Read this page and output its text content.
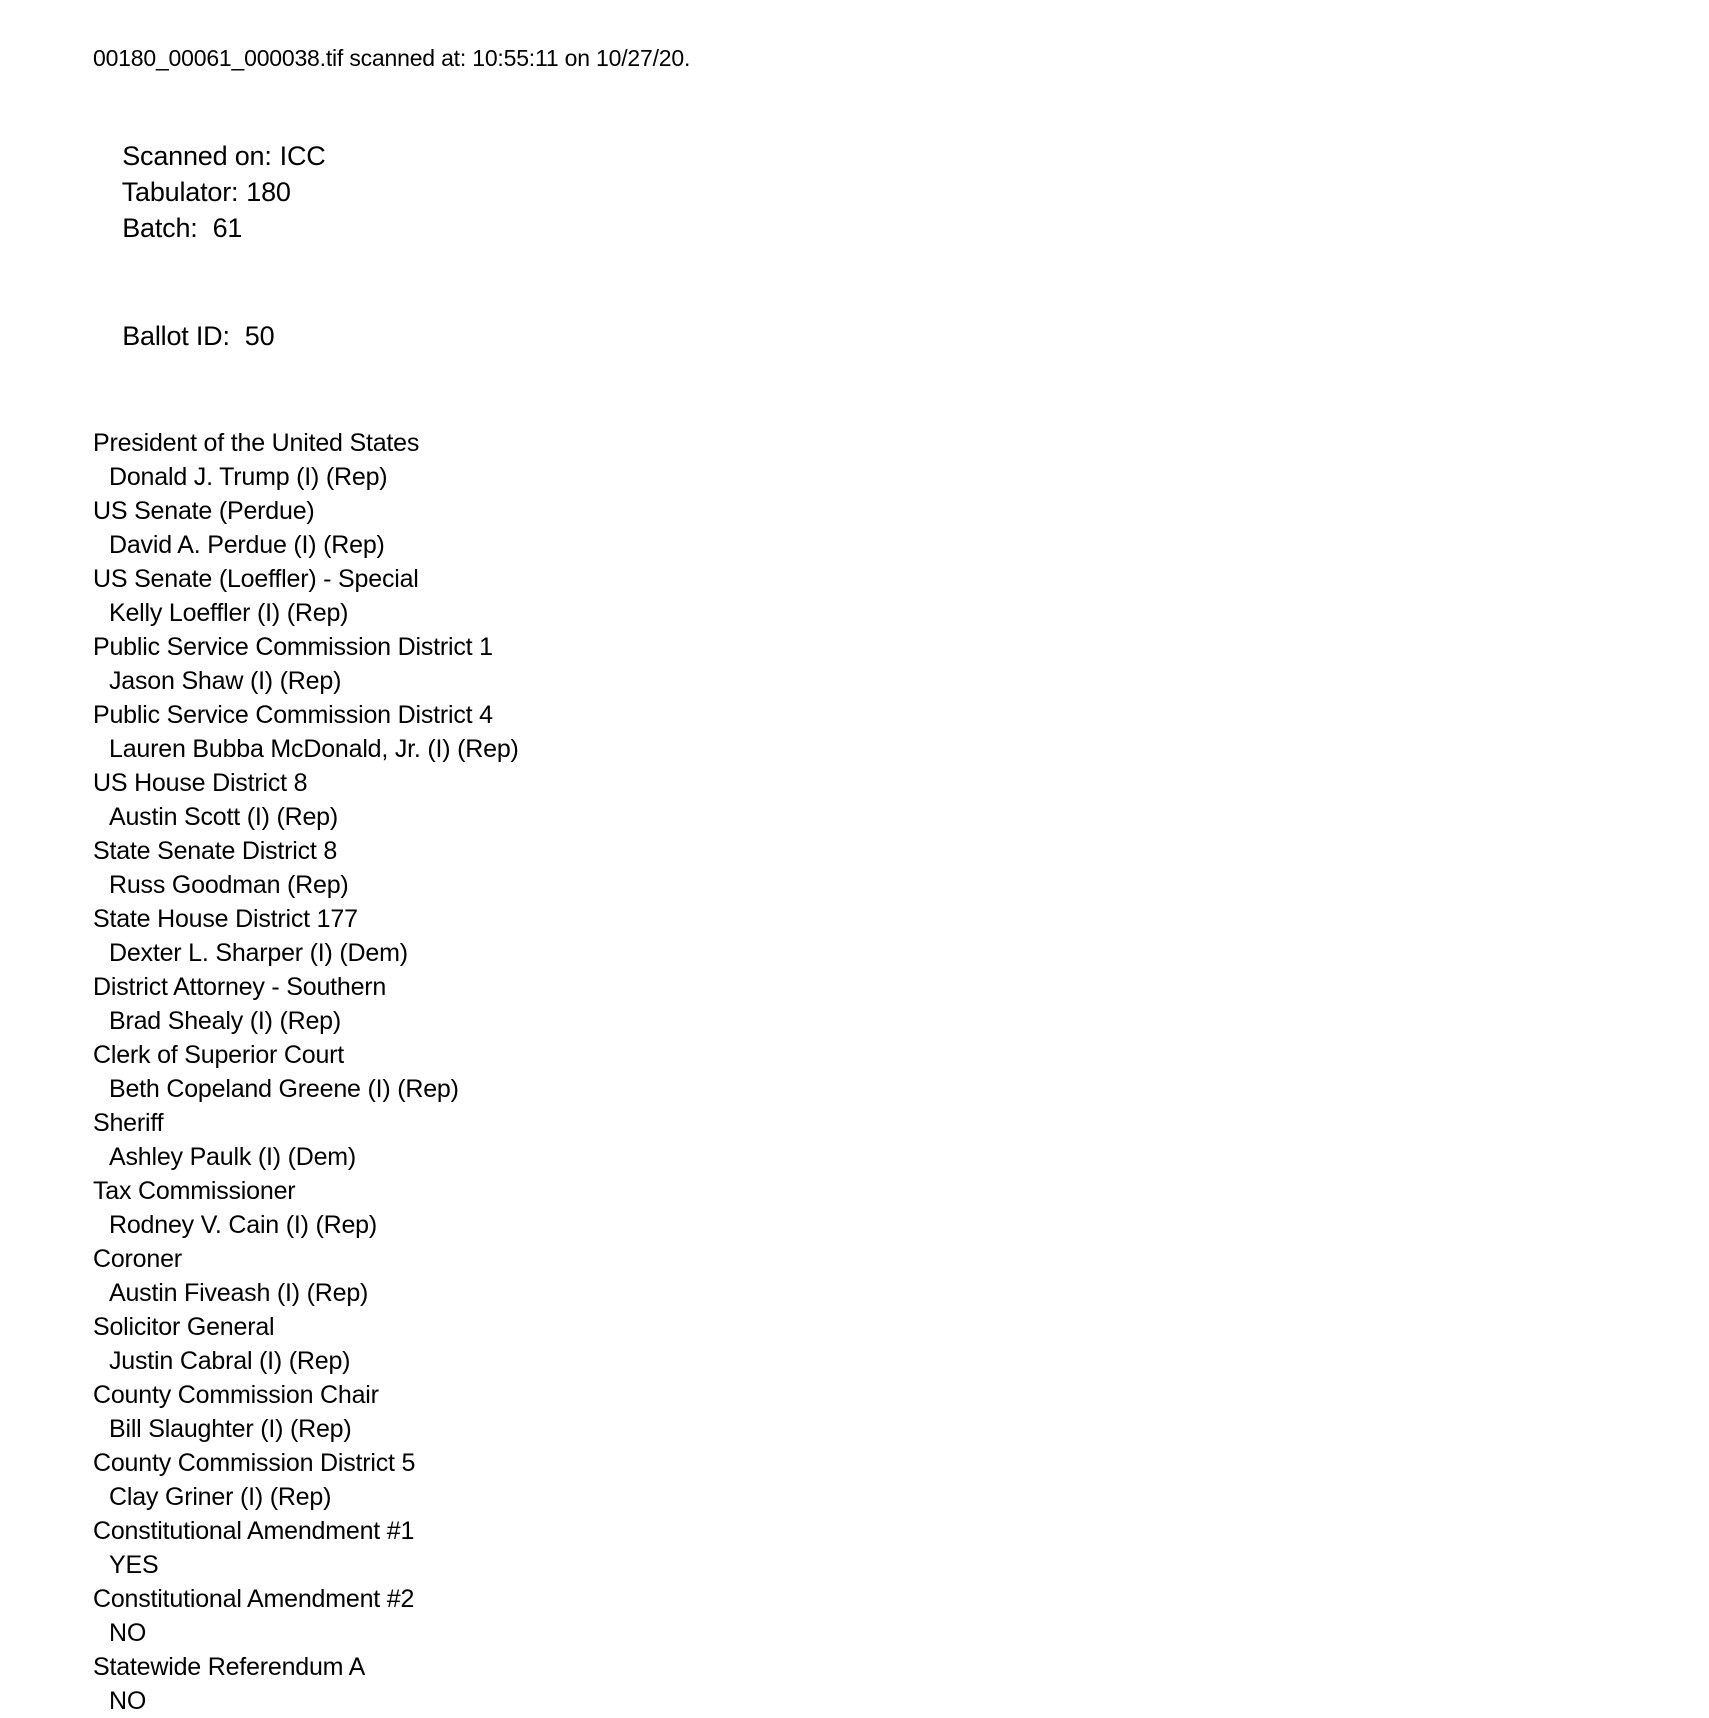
00180_00061_000038.tif scanned at: 10:55:11 on 10/27/20.

Scanned on: ICC
Tabulator: 180
Batch: 61

Ballot ID: 50

President of the United States
Donald J. Trump (I) (Rep)
US Senate (Perdue)
David A. Perdue (I) (Rep)
US Senate (Loeffler) - Special
Kelly Loeffler (I) (Rep)
Public Service Commission District 1
Jason Shaw (I) (Rep)
Public Service Commission District 4
Lauren Bubba McDonald, Jr. (I) (Rep)
US House District 8
Austin Scott (I) (Rep)
State Senate District 8
Russ Goodman (Rep)
State House District 177
Dexter L. Sharper (I) (Dem)
District Attorney - Southern
Brad Shealy (I) (Rep)
Clerk of Superior Court
Beth Copeland Greene (I) (Rep)
Sheriff
Ashley Paulk (I) (Dem)
Tax Commissioner
Rodney V. Cain (I) (Rep)
Coroner
Austin Fiveash (I) (Rep)
Solicitor General
Justin Cabral (I) (Rep)
County Commission Chair
Bill Slaughter (I) (Rep)
County Commission District 5
Clay Griner (I) (Rep)
Constitutional Amendment #1
YES
Constitutional Amendment #2
NO
Statewide Referendum A
NO
